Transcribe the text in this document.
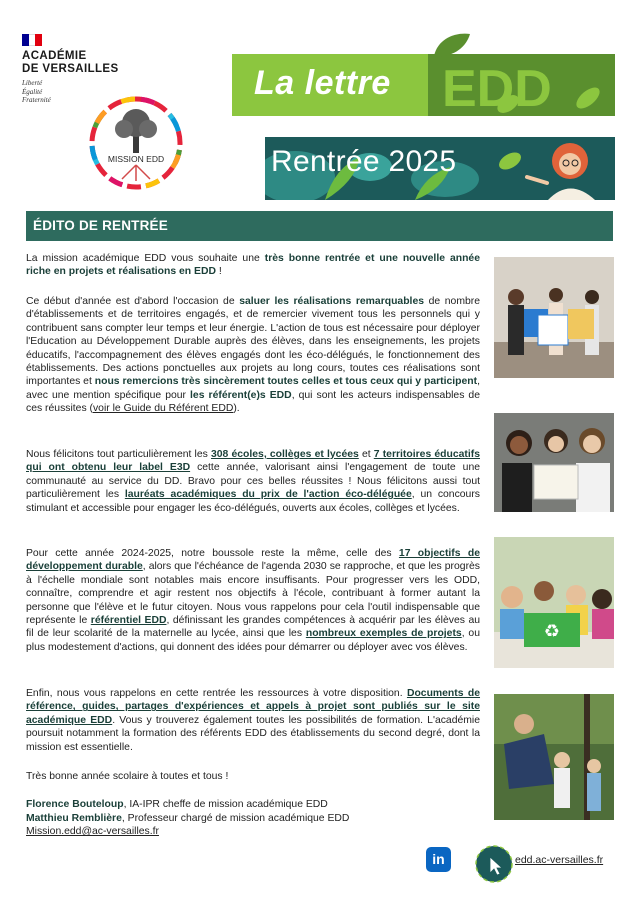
ACADÉMIE
DE VERSAILLES
Liberté
Égalité
Fraternité
MISSION EDD
EDD
La lettre
Rentrée 2025
ÉDITO DE RENTRÉE
La mission académique EDD vous souhaite une très bonne rentrée et une nouvelle année riche en projets et réalisations en EDD !
Ce début d'année est d'abord l'occasion de saluer les réalisations remarquables de nombre d'établissements et de territoires engagés, et de remercier vivement tous les personnels qui y contribuent sans compter leur temps et leur énergie. L'action de tous est nécessaire pour déployer l'Education au Développement Durable auprès des élèves, dans les enseignements, les projets éducatifs, l'accompagnement des élèves engagés dont les éco-délégués, le fonctionnement des établissements. Des actions ponctuelles aux projets au long cours, toutes ces réalisations sont importantes et nous remercions très sincèrement toutes celles et tous ceux qui y participent, avec une mention spécifique pour les référent(e)s EDD, qui sont les acteurs indispensables de ces réussites (voir le Guide du Référent EDD).
Nous félicitons tout particulièrement les 308 écoles, collèges et lycées et 7 territoires éducatifs qui ont obtenu leur label E3D cette année, valorisant ainsi l'engagement de toute une communauté au service du DD. Bravo pour ces belles réussites ! Nous félicitons aussi tout particulièrement les lauréats académiques du prix de l'action éco-déléguée, un concours stimulant et accessible pour engager les éco-délégués, ouverts aux écoles, collèges et lycées.
Pour cette année 2024-2025, notre boussole reste la même, celle des 17 objectifs de développement durable, alors que l'échéance de l'agenda 2030 se rapproche, et que les progrès à l'échelle mondiale sont notables mais encore insuffisants. Pour progresser vers les ODD, connaître, comprendre et agir restent nos objectifs à l'école, contribuant à former autant la personne que l'élève et le futur citoyen. Nous vous rappelons pour cela l'outil indispensable que représente le référentiel EDD, définissant les grandes compétences à acquérir par les élèves au fil de leur scolarité de la maternelle au lycée, ainsi que les nombreux exemples de projets, ou plus modestement d'actions, qui donnent des idées pour démarrer ou déployer avec vos élèves.
Enfin, nous vous rappelons en cette rentrée les ressources à votre disposition. Documents de référence, guides, partages d'expériences et appels à projet sont publiés sur le site académique EDD. Vous y trouverez également toutes les possibilités de formation. L'académie poursuit notamment la formation des référents EDD des établissements du second degré, dont la mission est essentielle.
Très bonne année scolaire à toutes et tous !
Florence Bouteloup, IA-IPR cheffe de mission académique EDD
Matthieu Remblière, Professeur chargé de mission académique EDD
Mission.edd@ac-versailles.fr
♻
in	edd.ac-versailles.fr
